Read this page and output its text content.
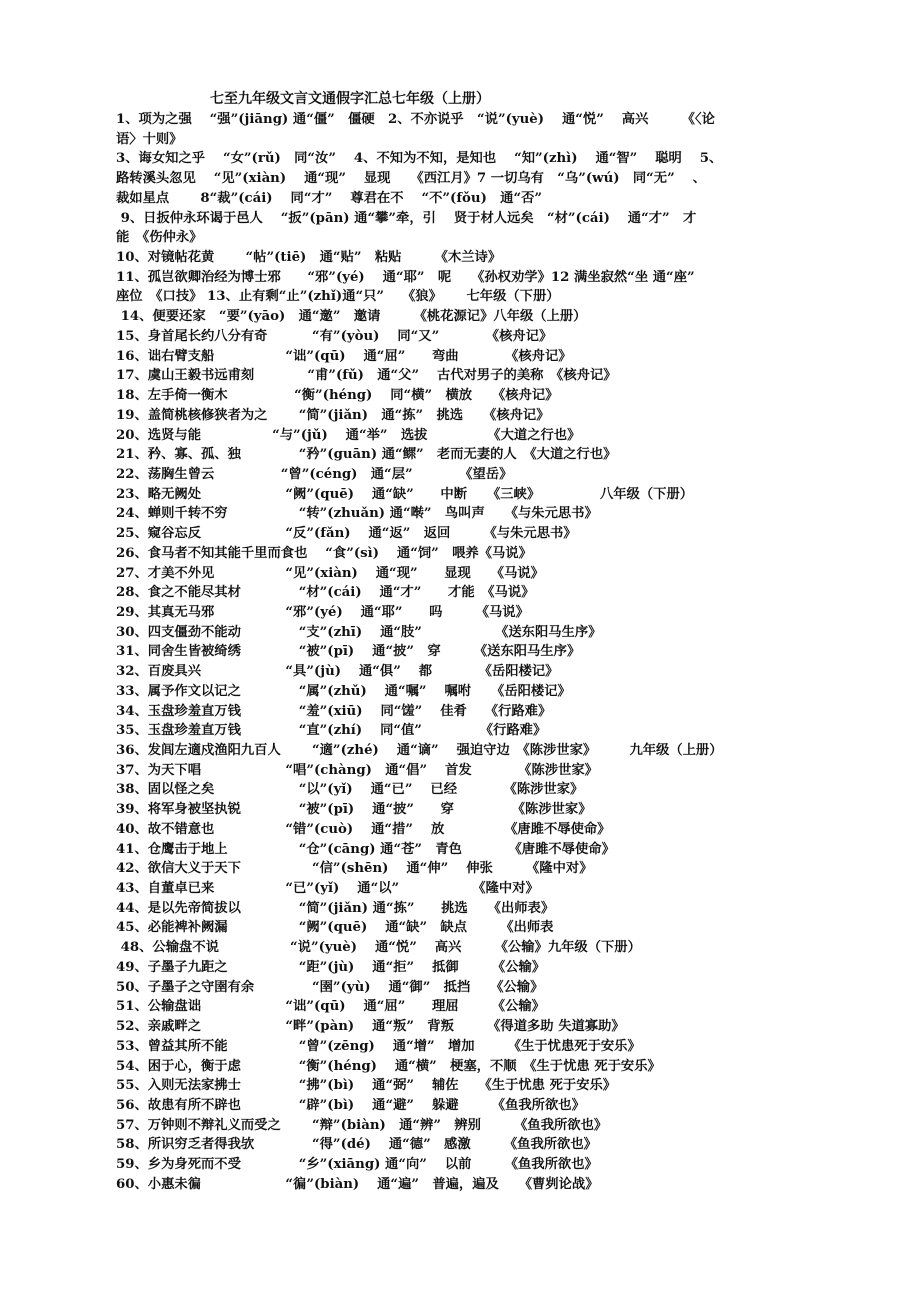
七至九年级文言文通假字汇总七年级（上册）
1、项为之强　 “强”(jiāng) 通“僵”　僵硬　2、不亦说乎　“说”(yuè)　 通“悦”　 高兴　　　《〈论
语〉十则》
3、诲女知之乎　 “女”(rǔ)　同“汝”　 4、不知为不知，是知也　 “知”(zhì)　 通“智”　 聪明　 5、
路转溪头忽见　 “见”(xiàn)　 通“现”　 显现　　《西江月》7 一切乌有　“乌”(wú)　同“无”　 、
裁如星点　　 8“裁”(cái)　 同“才”　 尊君在不　 “不”(fǒu)　通“否”
9、日扳仲永环谒于邑人　 “扳”(pān) 通“攀”牵，引　 贤于材人远矣　“材”(cái)　 通“才”　才
能　《伤仲永》
10、对镜帖花黄　　 “帖”(tiē)　通“贴”　粘贴　　　《木兰诗》
11、孤岂欲卿治经为博士邪　　“邪”(yé)　 通“耶”　呢　　《孙权劝学》12 满坐寂然“坐 通“座”
座位　《口技》 13、止有剩“止”(zhǐ)通“只”　 《狼》　　 七年级（下册）
14、便要还家　“要”(yāo)　通“邀”　邀请　　　《桃花源记》八年级（上册）
15、身首尾长约八分有奇　　　 “有”(yòu)　 同“又”　　　　《核舟记》
16、诎右臂支船　　　　　 “诎”(qū)　 通“屈”　　弯曲　　　　《核舟记》
17、虞山王毅书远甫刻　　　　“甫”(fǔ)　通“父”　 古代对男子的美称　《核舟记》
18、左手倚一衡木　　　　　“衡”(héng)　 同“横”　横放　　《核舟记》
19、盖简桃核修狭者为之　　 “简”(jiǎn)　通“拣”　挑选　　《核舟记》
20、选贤与能　　　　　 “与”(jǔ)　 通“举”　选拔　　　　　《大道之行也》
21、矜、寡、孤、独　　　　 “矜”(guān) 通“鳏”　老而无妻的人　《大道之行也》
22、荡胸生曾云　　　　　“曾”(céng)　通“层”　　　　《望岳》
23、略无阙处　　　　　　 “阙”(quē)　 通“缺”　　中断　　《三峡》　　　　　八年级（下册）
24、蝉则千转不穷　　　　　 “转”(zhuǎn) 通“啭”　鸟叫声　　《与朱元思书》
25、窥谷忘反　　　　　　 “反”(fǎn)　 通“返”　返回　　　《与朱元思书》
26、食马者不知其能千里而食也　 “食”(sì)　 通“饲”　喂养《马说》
27、才美不外见　　　　　 “见”(xiàn)　 通“现”　　显现　　《马说》
28、食之不能尽其材　　　　 “材”(cái)　 通“才”　　才能　《马说》
29、其真无马邪　　　　　 “邪”(yé)　 通“耶”　　吗　　　《马说》
30、四支僵劲不能动　　　　 “支”(zhī)　 通“肢”　　　　　　《送东阳马生序》
31、同舍生皆被绮绣　　　　 “被”(pī)　 通“披”　穿　　　《送东阳马生序》
32、百废具兴　　　　　　 “具”(jù)　 通“俱”　 都　　　　《岳阳楼记》
33、属予作文以记之　　　　 “属”(zhǔ)　 通“嘱”　 嘱咐　　《岳阳楼记》
34、玉盘珍羞直万钱　　　　 “羞”(xiū)　 同“馐”　 佳肴　 《行路难》
35、玉盘珍羞直万钱　　　　 “直”(zhí)　 同“值”　　　　 《行路难》
36、发闾左適戍渔阳九百人　　 “適”(zhé)　 通“谪”　 强迫守边　《陈涉世家》　　　九年级（上册）
37、为天下唱　　　　　　 “唱”(chàng)　通“倡”　 首发　　　　《陈涉世家》
38、固以怪之矣　　　　　　 “以”(yǐ)　 通“已”　 已经　　　　《陈涉世家》
39、将军身被坚执锐　　　　 “被”(pī)　 通“披”　　穿　　　　 《陈涉世家》
40、故不错意也　　　　　 “错”(cuò)　 通“措”　 放　　　　　《唐雎不辱使命》
41、仓鹰击于地上　　　　　 “仓”(cāng) 通“苍”　青色　　　　《唐雎不辱使命》
42、欲信大义于天下　　　　　 “信”(shēn)　 通“伸”　 伸张　　　《隆中对》
43、自董卓已来　　　　　 “已”(yǐ)　 通“以”　　　　　　《隆中对》
44、是以先帝简拔以　　　　 “简”(jiǎn) 通“拣”　　挑选　　《出师表》
45、必能裨补阙漏　　　　　 “阙”(quē)　 通“缺”　缺点　　　《出师表
48、公输盘不说　　　　　 “说”(yuè)　 通“悦”　 高兴　　　《公输》九年级（下册）
49、子墨子九距之　　　　　 “距”(jù)　 通“拒”　 抵御　　　《公输》
50、子墨子之守圉有余　　　　 “圉”(yù)　 通“御”　抵挡　　《公输》
51、公输盘诎　　　　　　 “诎”(qū)　 通“屈”　　理屈　　　《公输》
52、亲戚畔之　　　　　　 “畔”(pàn)　 通“叛”　背叛　　　《得道多助 失道寡助》
53、曾益其所不能　　　　　 “曾”(zēng)　 通“增”　增加　　　《生于忧患死于安乐》
54、困于心，衡于虑　　　　 “衡”(héng)　 通“横”　梗塞，不顺　《生于忧患 死于安乐》
55、入则无法家拂士　　　　 “拂”(bì)　 通“弼”　 辅佐　　《生于忧患 死于安乐》
56、故患有所不辟也　　　　 “辟”(bì)　 通“避”　 躲避　　　《鱼我所欲也》
57、万钟则不辩礼义而受之　　 “辩”(biàn)　通“辨”　辨别　　　《鱼我所欲也》
58、所识穷乏者得我欤　　　　 “得”(dé)　 通“德”　感激　　　《鱼我所欲也》
59、乡为身死而不受　　　　 “乡”(xiāng) 通“向”　 以前　　　《鱼我所欲也》
60、小惠未徧　　　　　　 “徧”(biàn)　 通“遍”　普遍，遍及　　《曹刿论战》
